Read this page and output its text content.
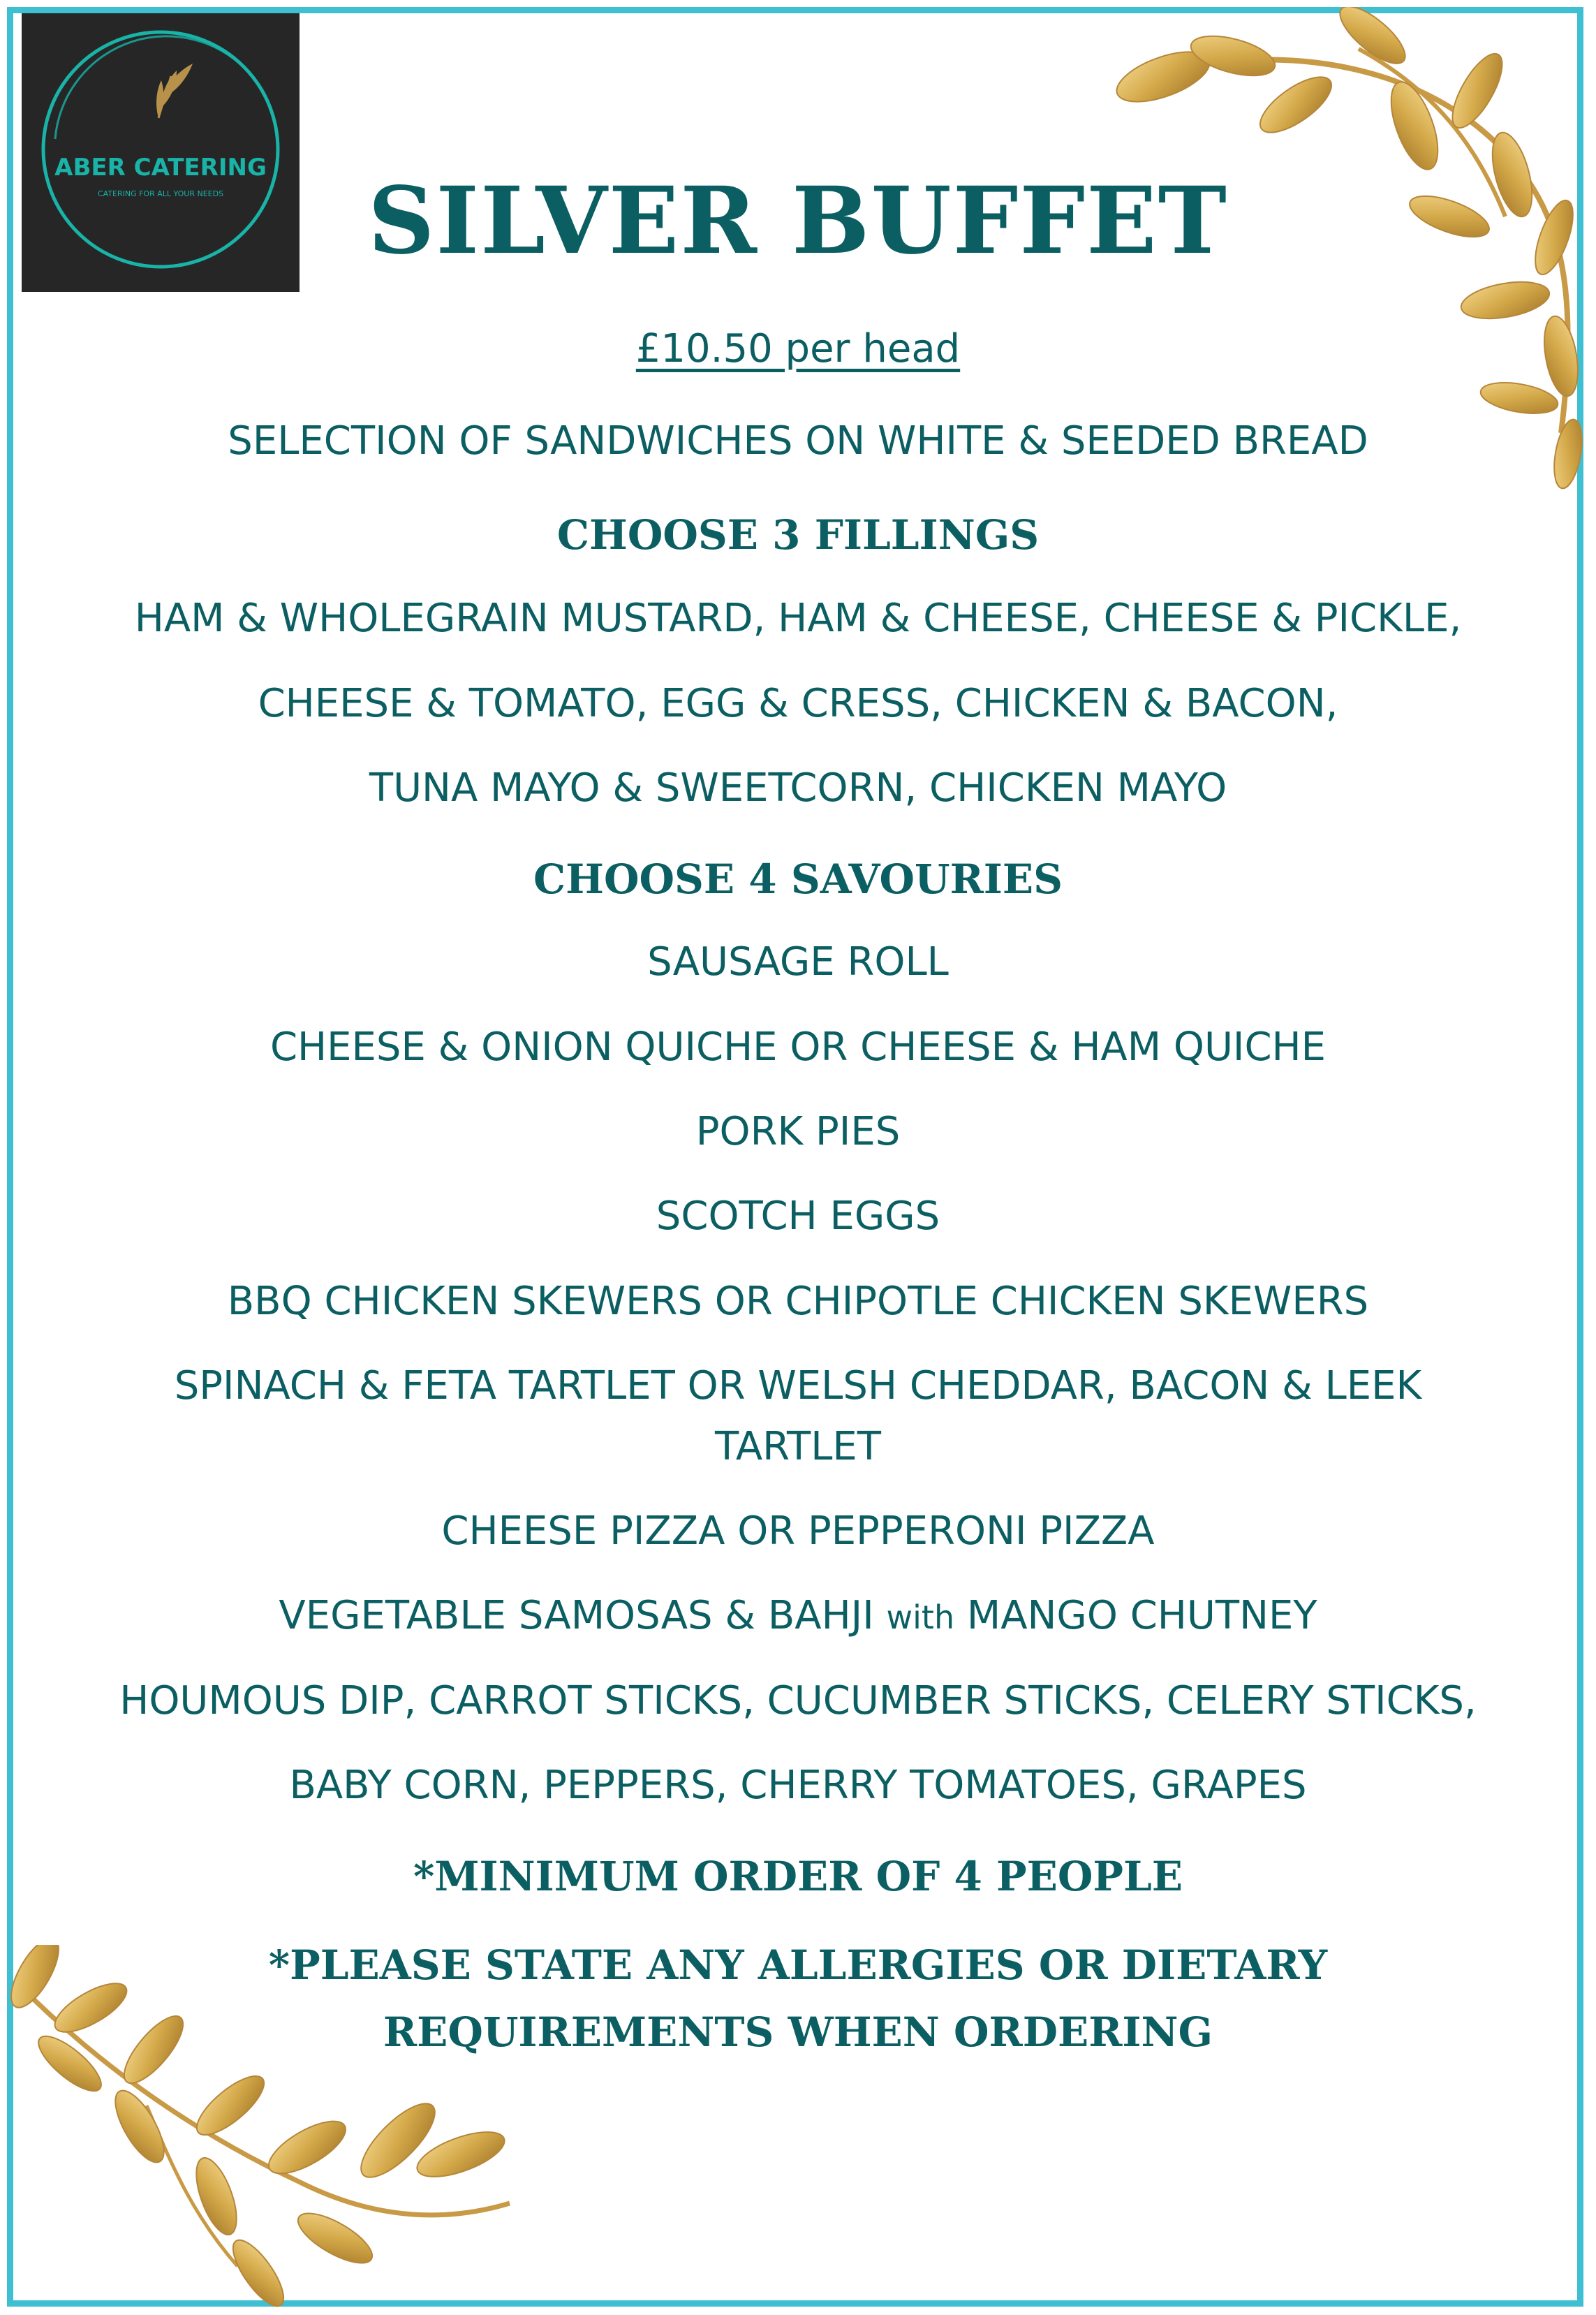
ABER CATERING
CATERING FOR ALL YOUR NEEDS	SILVER BUFFET
£10.50 per head
SELECTION OF SANDWICHES ON WHITE & SEEDED BREAD
CHOOSE 3 FILLINGS
HAM & WHOLEGRAIN MUSTARD, HAM & CHEESE, CHEESE & PICKLE,
CHEESE & TOMATO, EGG & CRESS, CHICKEN & BACON,
TUNA MAYO & SWEETCORN, CHICKEN MAYO
CHOOSE 4 SAVOURIES
SAUSAGE ROLL
CHEESE & ONION QUICHE OR CHEESE & HAM QUICHE
PORK PIES
SCOTCH EGGS
BBQ CHICKEN SKEWERS OR CHIPOTLE CHICKEN SKEWERS
SPINACH & FETA TARTLET OR WELSH CHEDDAR, BACON & LEEK
TARTLET
CHEESE PIZZA OR PEPPERONI PIZZA
VEGETABLE SAMOSAS & BAHJI with MANGO CHUTNEY
HOUMOUS DIP, CARROT STICKS, CUCUMBER STICKS, CELERY STICKS,
BABY CORN, PEPPERS, CHERRY TOMATOES, GRAPES
*MINIMUM ORDER OF 4 PEOPLE
*PLEASE STATE ANY ALLERGIES OR DIETARY
REQUIREMENTS WHEN ORDERING
